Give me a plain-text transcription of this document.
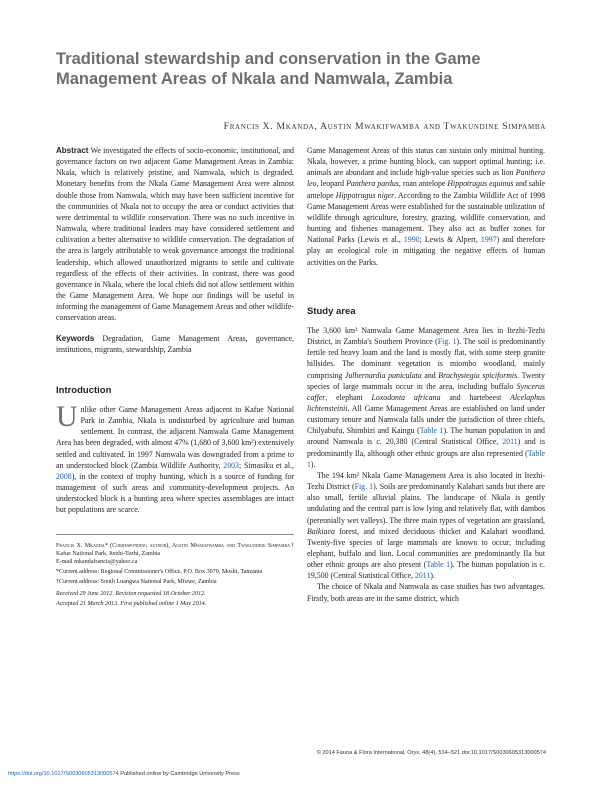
Traditional stewardship and conservation in the Game Management Areas of Nkala and Namwala, Zambia
Francis X. Mkanda, Austin Mwakifwamba and Twakundine Simpamba

Abstract We investigated the effects of socio-economic, institutional, and governance factors on two adjacent Game Management Areas in Zambia: Nkala, which is relatively pristine, and Namwala, which is degraded. Monetary benefits from the Nkala Game Management Area were almost double those from Namwala, which may have been sufficient incentive for the communities of Nkala not to occupy the area or conduct activities that were detrimental to wildlife conservation. There was no such incentive in Namwala, where traditional leaders may have considered settlement and cultivation a better alternative to wildlife conservation. The degradation of the area is largely attributable to weak governance amongst the traditional leadership, which allowed unauthorized migrants to settle and cultivate regardless of the effects of their activities. In contrast, there was good governance in Nkala, where the local chiefs did not allow settlement within the Game Management Area. We hope our findings will be useful in informing the management of Game Management Areas and other wildlife-conservation areas.

Keywords Degradation, Game Management Areas, governance, institutions, migrants, stewardship, Zambia

Introduction

Unlike other Game Management Areas adjacent to Kafue National Park in Zambia, Nkala is undisturbed by agriculture and human settlement. In contrast, the adjacent Namwala Game Management Area has been degraded, with almost 47% (1,680 of 3,600 km²) extensively settled and cultivated. In 1997 Namwala was downgraded from a prime to an understocked block (Zambia Wildlife Authority, 2003; Simasiku et al., 2008), in the context of trophy hunting, which is a source of funding for management of such areas and community-development projects. An understocked block is a hunting area where species assemblages are intact but populations are scarce.

Francis X. Mkanda* (Corresponding author), Austin Mwakifwamba and Twakundine Simpamba† Kafue National Park, Itezhi-Tezhi, Zambia
E-mail mkandafrancis@yahoo.ca

*Current address: Regional Commissioner's Office, P.O. Box 3070, Moshi, Tanzania

†Current address: South Luangwa National Park, Mfuwe, Zambia

Received 29 June 2012. Revision requested 18 October 2012.

Accepted 21 March 2013. First published online 1 May 2014.

Game Management Areas of this status can sustain only minimal hunting. Nkala, however, a prime hunting block, can support optimal hunting; i.e. animals are abundant and include high-value species such as lion Panthera leo, leopard Panthera pardus, roan antelope Hippotragus equinus and sable antelope Hippotragus niger. According to the Zambia Wildlife Act of 1998 Game Management Areas were established for the sustainable utilization of wildlife through agriculture, forestry, grazing, wildlife conservation, and hunting and fisheries management. They also act as buffer zones for National Parks (Lewis et al., 1990; Lewis & Alpert, 1997) and therefore play an ecological role in mitigating the negative effects of human activities on the Parks.

Study area

The 3,600 km² Namwala Game Management Area lies in Itezhi-Tezhi District, in Zambia's Southern Province (Fig. 1). The soil is predominantly fertile red heavy loam and the land is mostly flat, with some steep granite hillsides. The dominant vegetation is miombo woodland, mainly comprising Julbernardia paniculata and Brachystegia spiciformis. Twenty species of large mammals occur in the area, including buffalo Syncerus caffer, elephant Loxodonta africana and hartebeest Alcelaphus lichtensteinii. All Game Management Areas are established on land under customary tenure and Namwala falls under the jurisdiction of three chiefs, Chilyabufu, Shimbizi and Kaingu (Table 1). The human population in and around Namwala is c. 20,380 (Central Statistical Office, 2011) and is predominantly Ila, although other ethnic groups are also represented (Table 1).

The 194 km² Nkala Game Management Area is also located in Itezhi-Tezhi District (Fig. 1). Soils are predominantly Kalahari sands but there are also small, fertile alluvial plains. The landscape of Nkala is gently undulating and the central part is low lying and relatively flat, with dambos (perennially wet valleys). The three main types of vegetation are grassland, Baikiaea forest, and mixed deciduous thicket and Kalahari woodland. Twenty-five species of large mammals are known to occur, including elephant, buffalo and lion. Local communities are predominantly Ila but other ethnic groups are also present (Table 1). The human population is c. 19,500 (Central Statistical Office, 2011).

The choice of Nkala and Namwala as case studies has two advantages. Firstly, both areas are in the same district, which

© 2014 Fauna & Flora International, Oryx, 48(4), 514–521 doi:10.1017/S0030605313000574
https://doi.org/10.1017/S0030605313000574 Published online by Cambridge University Press
